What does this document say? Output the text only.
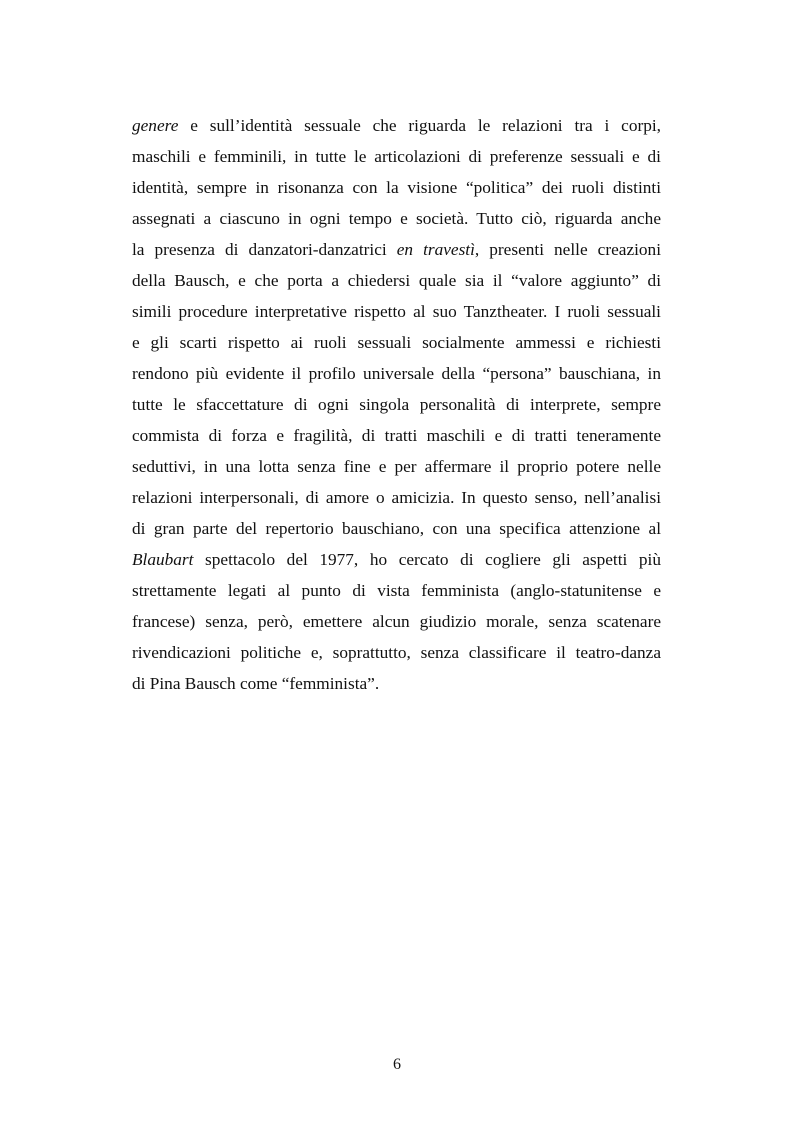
genere e sull’identità sessuale che riguarda le relazioni tra i corpi,
maschili e femminili, in tutte le articolazioni di preferenze sessuali e di
identità, sempre in risonanza con la visione “politica” dei ruoli distinti
assegnati a ciascuno in ogni tempo e società. Tutto ciò, riguarda anche
la presenza di danzatori-danzatrici en travestì, presenti nelle creazioni
della Bausch, e che porta a chiedersi quale sia il “valore aggiunto” di
simili procedure interpretative rispetto al suo Tanztheater. I ruoli sessuali
e gli scarti rispetto ai ruoli sessuali socialmente ammessi e richiesti
rendono più evidente il profilo universale della “persona” bauschiana, in
tutte le sfaccettature di ogni singola personalità di interprete, sempre
commista di forza e fragilità, di tratti maschili e di tratti teneramente
seduttivi, in una lotta senza fine e per affermare il proprio potere nelle
relazioni interpersonali, di amore o amicizia. In questo senso, nell’analisi
di gran parte del repertorio bauschiano, con una specifica attenzione al
Blaubart spettacolo del 1977, ho cercato di cogliere gli aspetti più
strettamente legati al punto di vista femminista (anglo-statunitense e
francese) senza, però, emettere alcun giudizio morale, senza scatenare
rivendicazioni politiche e, soprattutto, senza classificare il teatro-danza
di Pina Bausch come “femminista”.
6
